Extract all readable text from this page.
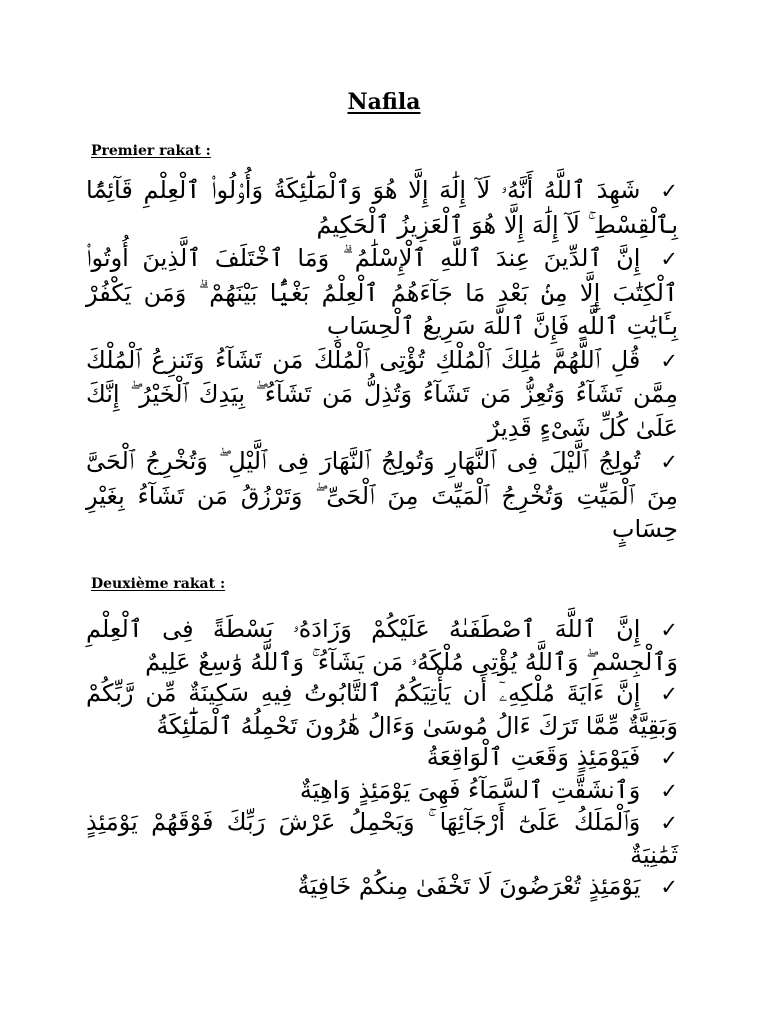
Nafila
Premier rakat :
✓شَهِدَ ٱللَّهُ أَنَّهُۥ لَآ إِلَٰهَ إِلَّا هُوَ وَٱلْمَلَٰٓئِكَةُ وَأُو۟لُوا۟ ٱلْعِلْمِ قَآئِمًۢا بِٱلْقِسْطِ ۚ لَآ إِلَٰهَ إِلَّا هُوَ ٱلْعَزِيزُ ٱلْحَكِيمُ
✓إِنَّ ٱلدِّينَ عِندَ ٱللَّهِ ٱلْإِسْلَٰمُ ۗ وَمَا ٱخْتَلَفَ ٱلَّذِينَ أُوتُوا۟ ٱلْكِتَٰبَ إِلَّا مِنۢ بَعْدِ مَا جَآءَهُمُ ٱلْعِلْمُ بَغْيًۢا بَيْنَهُمْ ۗ وَمَن يَكْفُرْ بِـَٔايَٰتِ ٱللَّهِ فَإِنَّ ٱللَّهَ سَرِيعُ ٱلْحِسَابِ
✓قُلِ ٱللَّهُمَّ مَٰلِكَ ٱلْمُلْكِ تُؤْتِى ٱلْمُلْكَ مَن تَشَآءُ وَتَنزِعُ ٱلْمُلْكَ مِمَّن تَشَآءُ وَتُعِزُّ مَن تَشَآءُ وَتُذِلُّ مَن تَشَآءُ ۖ بِيَدِكَ ٱلْخَيْرُ ۖ إِنَّكَ عَلَىٰ كُلِّ شَىْءٍ قَدِيرٌ
✓تُولِجُ ٱلَّيْلَ فِى ٱلنَّهَارِ وَتُولِجُ ٱلنَّهَارَ فِى ٱلَّيْلِ ۖ وَتُخْرِجُ ٱلْحَىَّ مِنَ ٱلْمَيِّتِ وَتُخْرِجُ ٱلْمَيِّتَ مِنَ ٱلْحَىِّ ۖ وَتَرْزُقُ مَن تَشَآءُ بِغَيْرِ حِسَابٍ
Deuxième rakat :
✓إِنَّ ٱللَّهَ ٱصْطَفَىٰهُ عَلَيْكُمْ وَزَادَهُۥ بَسْطَةً فِى ٱلْعِلْمِ وَٱلْجِسْمِ ۖ وَٱللَّهُ يُؤْتِى مُلْكَهُۥ مَن يَشَآءُ ۚ وَٱللَّهُ وَٰسِعٌ عَلِيمٌ
✓إِنَّ ءَايَةَ مُلْكِهِۦٓ أَن يَأْتِيَكُمُ ٱلتَّابُوتُ فِيهِ سَكِينَةٌ مِّن رَّبِّكُمْ وَبَقِيَّةٌ مِّمَّا تَرَكَ ءَالُ مُوسَىٰ وَءَالُ هَٰرُونَ تَحْمِلُهُ ٱلْمَلَٰٓئِكَةُ
✓فَيَوْمَئِذٍ وَقَعَتِ ٱلْوَاقِعَةُ
✓وَٱنشَقَّتِ ٱلسَّمَآءُ فَهِىَ يَوْمَئِذٍ وَاهِيَةٌ
✓وَٱلْمَلَكُ عَلَىٰٓ أَرْجَآئِهَا ۚ وَيَحْمِلُ عَرْشَ رَبِّكَ فَوْقَهُمْ يَوْمَئِذٍ ثَمَٰنِيَةٌ
✓يَوْمَئِذٍ تُعْرَضُونَ لَا تَخْفَىٰ مِنكُمْ خَافِيَةٌ
